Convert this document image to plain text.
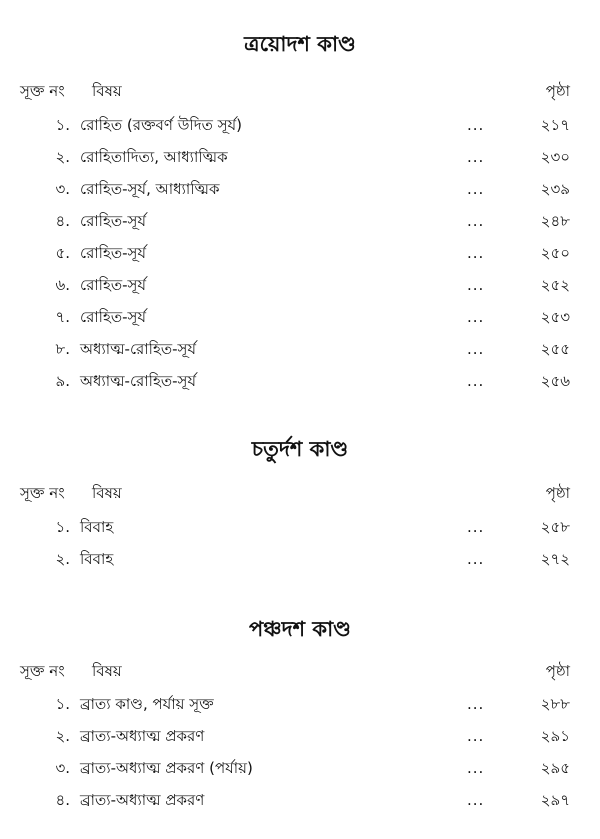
ত্রয়োদশ কাণ্ড
সূক্ত নং বিষয়	পৃষ্ঠা
১. রোহিত (রক্তবর্ণ উদিত সূর্য)	...	২১৭
২. রোহিতাদিত্য, আধ্যাত্মিক	...	২৩০
৩. রোহিত-সূর্য, আধ্যাত্মিক	...	২৩৯
৪. রোহিত-সূর্য	...	২৪৮
৫. রোহিত-সূর্য	...	২৫০
৬. রোহিত-সূর্য	...	২৫২
৭. রোহিত-সূর্য	...	২৫৩
৮. অধ্যাত্ম-রোহিত-সূর্য	...	২৫৫
৯. অধ্যাত্ম-রোহিত-সূর্য	...	২৫৬
চতুর্দশ কাণ্ড
সূক্ত নং বিষয়	পৃষ্ঠা
১. বিবাহ	...	২৫৮
২. বিবাহ	...	২৭২
পঞ্চদশ কাণ্ড
সূক্ত নং বিষয়	পৃষ্ঠা
১. ব্রাত্য কাণ্ড, পর্যায় সূক্ত	...	২৮৮
২. ব্রাত্য-অধ্যাত্ম প্রকরণ	...	২৯১
৩. ব্রাত্য-অধ্যাত্ম প্রকরণ (পর্যায়)	...	২৯৫
৪. ব্রাত্য-অধ্যাত্ম প্রকরণ	...	২৯৭
